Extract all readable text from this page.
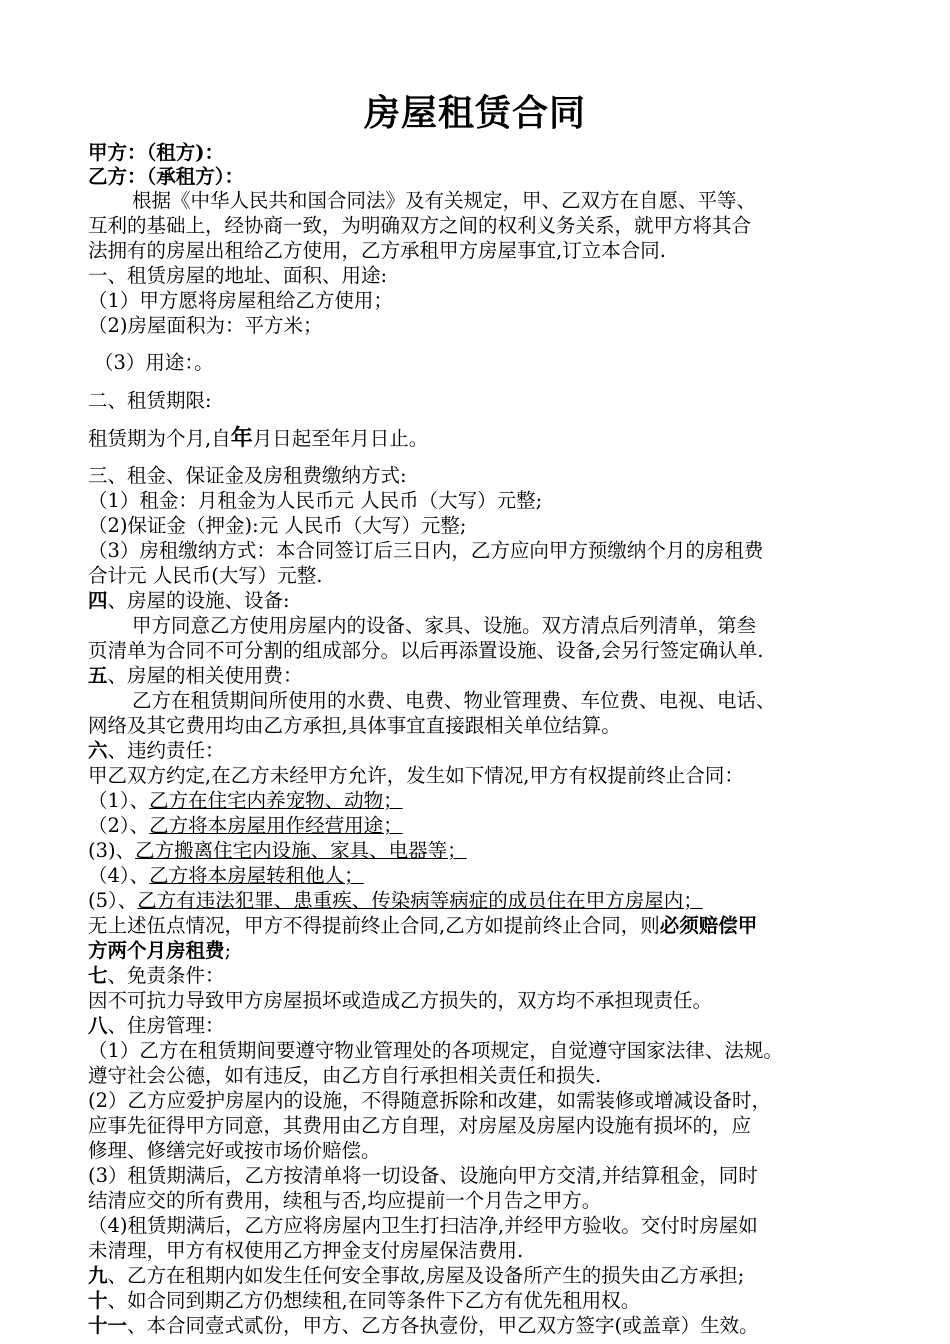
房屋租赁合同
甲方：（租方)：
乙方：（承租方）：
根据《中华人民共和国合同法》及有关规定，甲、乙双方在自愿、平等、
互利的基础上，经协商一致，为明确双方之间的权利义务关系，就甲方将其合
法拥有的房屋出租给乙方使用，乙方承租甲方房屋事宜,订立本合同.
一、租赁房屋的地址、面积、用途:
（1）甲方愿将房屋租给乙方使用；
（2)房屋面积为：平方米；
（3）用途：。
二、租赁期限:
租赁期为个月,自年月日起至年月日止。
三、租金、保证金及房租费缴纳方式:
（1）租金：月租金为人民币元 人民币（大写）元整;
（2)保证金（押金):元 人民币（大写）元整;
（3）房租缴纳方式：本合同签订后三日内，乙方应向甲方预缴纳个月的房租费
合计元 人民币(大写）元整.
四、房屋的设施、设备:
甲方同意乙方使用房屋内的设备、家具、设施。双方清点后列清单，第叁
页清单为合同不可分割的组成部分。以后再添置设施、设备,会另行签定确认单.
五、房屋的相关使用费：
乙方在租赁期间所使用的水费、电费、物业管理费、车位费、电视、电话、
网络及其它费用均由乙方承担,具体事宜直接跟相关单位结算。
六、违约责任：
甲乙双方约定,在乙方未经甲方允许，发生如下情况,甲方有权提前终止合同：
（1）、乙方在住宅内养宠物、动物；
（2）、乙方将本房屋用作经营用途；
(3)、乙方搬离住宅内设施、家具、电器等；
（4）、乙方将本房屋转租他人；
(5）、乙方有违法犯罪、患重疾、传染病等病症的成员住在甲方房屋内；
无上述伍点情况，甲方不得提前终止合同,乙方如提前终止合同，则必须赔偿甲
方两个月房租费;
七、免责条件：
因不可抗力导致甲方房屋损坏或造成乙方损失的，双方均不承担现责任。
八、住房管理：
（1）乙方在租赁期间要遵守物业管理处的各项规定，自觉遵守国家法律、法规。
遵守社会公德，如有违反，由乙方自行承担相关责任和损失.
(2）乙方应爱护房屋内的设施，不得随意拆除和改建，如需装修或增减设备时，
应事先征得甲方同意，其费用由乙方自理，对房屋及房屋内设施有损坏的，应
修理、修缮完好或按市场价赔偿。
(3）租赁期满后，乙方按清单将一切设备、设施向甲方交清,并结算租金，同时
结清应交的所有费用，续租与否,均应提前一个月告之甲方。
（4)租赁期满后，乙方应将房屋内卫生打扫洁净,并经甲方验收。交付时房屋如
未清理，甲方有权使用乙方押金支付房屋保洁费用.
九、乙方在租期内如发生任何安全事故,房屋及设备所产生的损失由乙方承担;
十、如合同到期乙方仍想续租,在同等条件下乙方有优先租用权。
十一、本合同壹式贰份，甲方、乙方各执壹份，甲乙双方签字(或盖章）生效。
